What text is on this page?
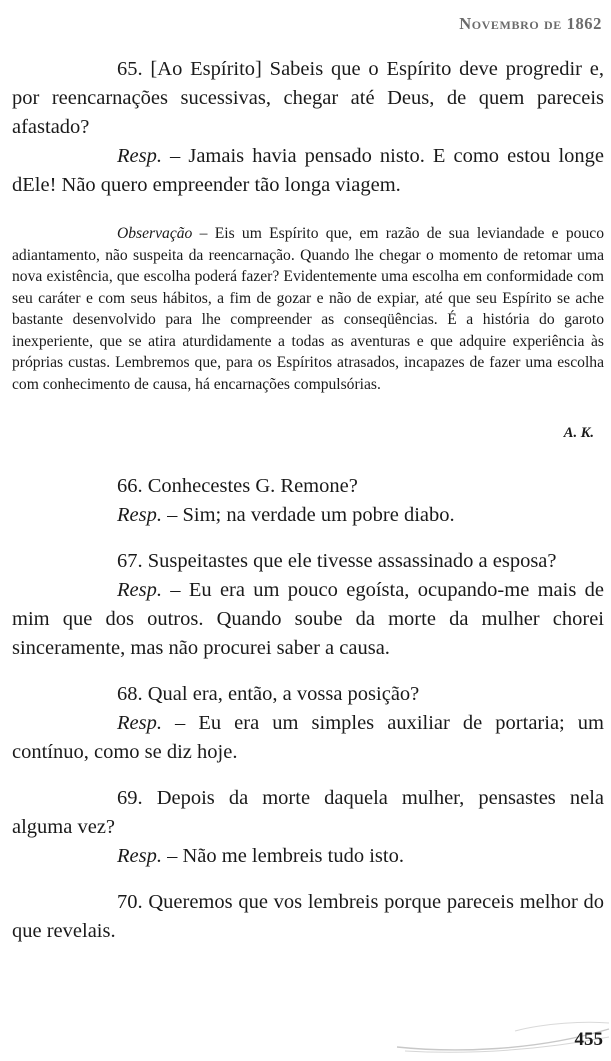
Novembro de 1862

65. [Ao Espírito] Sabeis que o Espírito deve progredir e, por reencarnações sucessivas, chegar até Deus, de quem pareceis afastado?

Resp. – Jamais havia pensado nisto. E como estou longe dEle! Não quero empreender tão longa viagem.

Observação – Eis um Espírito que, em razão de sua leviandade e pouco adiantamento, não suspeita da reencarnação. Quando lhe chegar o momento de retomar uma nova existência, que escolha poderá fazer? Evidentemente uma escolha em conformidade com seu caráter e com seus hábitos, a fim de gozar e não de expiar, até que seu Espírito se ache bastante desenvolvido para lhe compreender as conseqüências. É a história do garoto inexperiente, que se atira aturdidamente a todas as aventuras e que adquire experiência às próprias custas. Lembremos que, para os Espíritos atrasados, incapazes de fazer uma escolha com conhecimento de causa, há encarnações compulsórias.

A. K.

66. Conhecestes G. Remone?

Resp. – Sim; na verdade um pobre diabo.

67. Suspeitastes que ele tivesse assassinado a esposa?

Resp. – Eu era um pouco egoísta, ocupando-me mais de mim que dos outros. Quando soube da morte da mulher chorei sinceramente, mas não procurei saber a causa.

68. Qual era, então, a vossa posição?

Resp. – Eu era um simples auxiliar de portaria; um contínuo, como se diz hoje.

69. Depois da morte daquela mulher, pensastes nela alguma vez?

Resp. – Não me lembreis tudo isto.

70. Queremos que vos lembreis porque pareceis melhor do que revelais.

455
